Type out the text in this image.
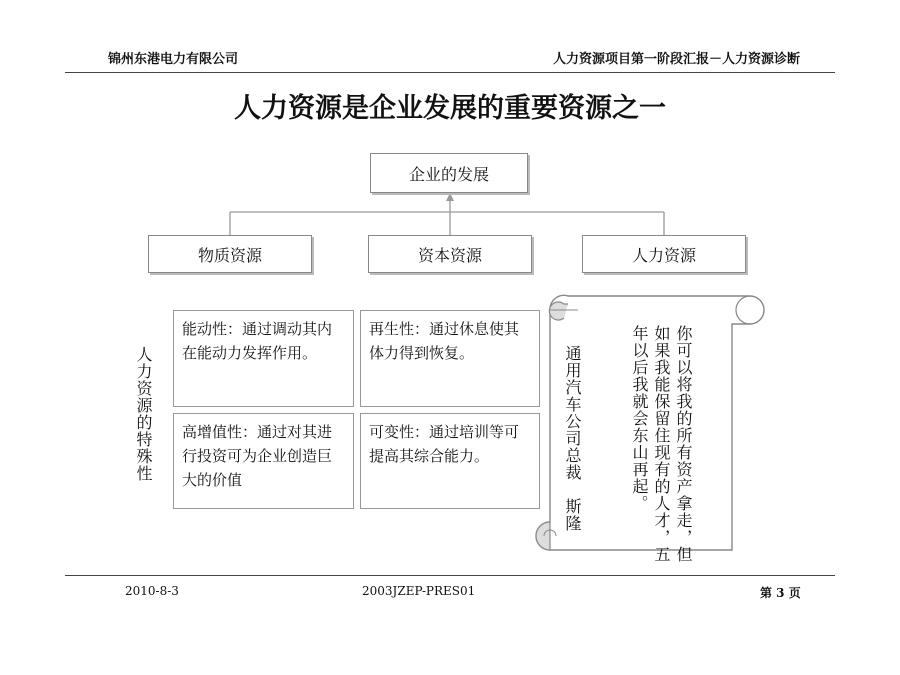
锦州东港电力有限公司	人力资源项目第一阶段汇报－人力资源诊断
人力资源是企业发展的重要资源之一
企业的发展
物质资源	资本资源	人力资源
人力资源的特殊性
能动性：通过调动其内在能动力发挥作用。
再生性：通过休息使其体力得到恢复。
高增值性：通过对其进行投资可为企业创造巨大的价值
可变性：通过培训等可提高其综合能力。	你可以将我的所有资产拿走，但如果我能保留住现有的人才，五年以后我就会东山再起。
通用汽车公司总裁　斯隆
2010-8-3	2003JZEP-PRES01	第 3 页
